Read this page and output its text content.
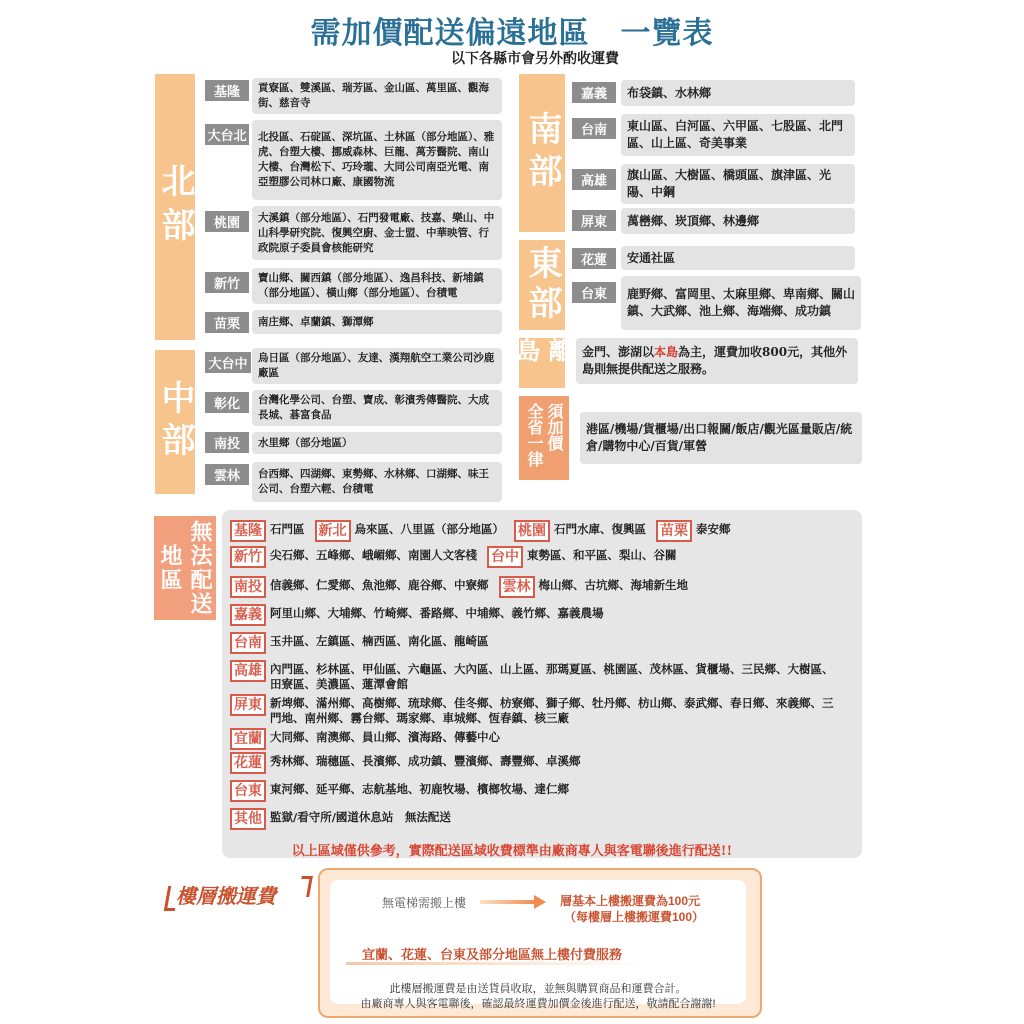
需加價配送偏遠地區　一覽表
以下各縣市會另外酌收運費
北部
基隆	貢寮區、雙溪區、瑞芳區、金山區、萬里區、觀海街、慈音寺
大台北 北投區、石碇區、深坑區、土林區（部分地區）、雅虎、台塑大樓、挪威森林、巨龍、萬芳醫院、南山大樓、台灣松下、巧玲瓏、大同公司南亞光電、南亞塑膠公司林口廠、康國物流
桃園	大溪鎮（部分地區）、石門發電廠、技嘉、樂山、中山科學研究院、復興空廚、金士盟、中華映管、行政院原子委員會核能研究
新竹	寶山鄉、關西鎮（部分地區）、逸昌科技、新埔鎮（部分地區）、橫山鄉（部分地區）、台積電
苗栗	南庄鄉、卓蘭鎮、獅潭鄉
中部
大台中	烏日區（部分地區）、友達、漢翔航空工業公司沙鹿廠區
彰化	台灣化學公司、台塑、寶成、彰濱秀傳醫院、大成長城、碁富食品
南投	水里鄉（部分地區）
雲林	台西鄉、四湖鄉、東勢鄉、水林鄉、口湖鄉、味王公司、台塑六輕、台積電
南部
嘉義	布袋鎮、水林鄉
台南	東山區、白河區、六甲區、七股區、北門區、山上區、奇美事業
高雄	旗山區、大樹區、橋頭區、旗津區、光陽、中鋼
屏東	萬巒鄉、崁頂鄉、林邊鄉
東部	花蓮	安通社區
台東	鹿野鄉、富岡里、太麻里鄉、卑南鄉、關山鎮、大武鄉、池上鄉、海端鄉、成功鎮
離島	金門、澎湖以本島為主，運費加收800元，其他外島則無提供配送之服務。
全省一律 須加價 港區/機場/貨櫃場/出口報關/飯店/觀光區量販店/統倉/購物中心/百貨/軍營
無法配送地區
基隆 石門區 新北 烏來區、八里區（部分地區） 桃園 石門水庫、復興區 苗栗 泰安鄉
新竹 尖石鄉、五峰鄉、峨嵋鄉、南園人文客棧 台中 東勢區、和平區、梨山、谷關
南投 信義鄉、仁愛鄉、魚池鄉、鹿谷鄉、中寮鄉 雲林 梅山鄉、古坑鄉、海埔新生地
嘉義 阿里山鄉、大埔鄉、竹崎鄉、番路鄉、中埔鄉、義竹鄉、嘉義農場
台南 玉井區、左鎮區、楠西區、南化區、龍崎區
高雄 內門區、杉林區、甲仙區、六龜區、大內區、山上區、那瑪夏區、桃園區、茂林區、貨櫃場、三民鄉、大樹區、田寮區、美濃區、蓮潭會館
屏東 新埤鄉、滿州鄉、高樹鄉、琉球鄉、佳冬鄉、枋寮鄉、獅子鄉、牡丹鄉、枋山鄉、泰武鄉、春日鄉、來義鄉、三門地、南州鄉、霧台鄉、瑪家鄉、車城鄉、恆春鎮、核三廠
宜蘭 大同鄉、南澳鄉、員山鄉、濱海路、傳藝中心
花蓮 秀林鄉、瑞穗區、長濱鄉、成功鎮、豐濱鄉、壽豐鄉、卓溪鄉
台東 東河鄉、延平鄉、志航基地、初鹿牧場、檳榔牧場、達仁鄉
其他 監獄/看守所/國道休息站　無法配送
以上區域僅供參考，實際配送區域收費標準由廠商專人與客電聯後進行配送!!
樓層搬運費	無電梯需搬上樓	層基本上樓搬運費為100元
（每樓層上樓搬運費100）
宜蘭、花蓮、台東及部分地區無上樓付費服務
此樓層搬運費是由送貨員收取，並無與購買商品和運費合計。
由廠商專人與客電聯後，確認最終運費加價金後進行配送，敬請配合謝謝!
